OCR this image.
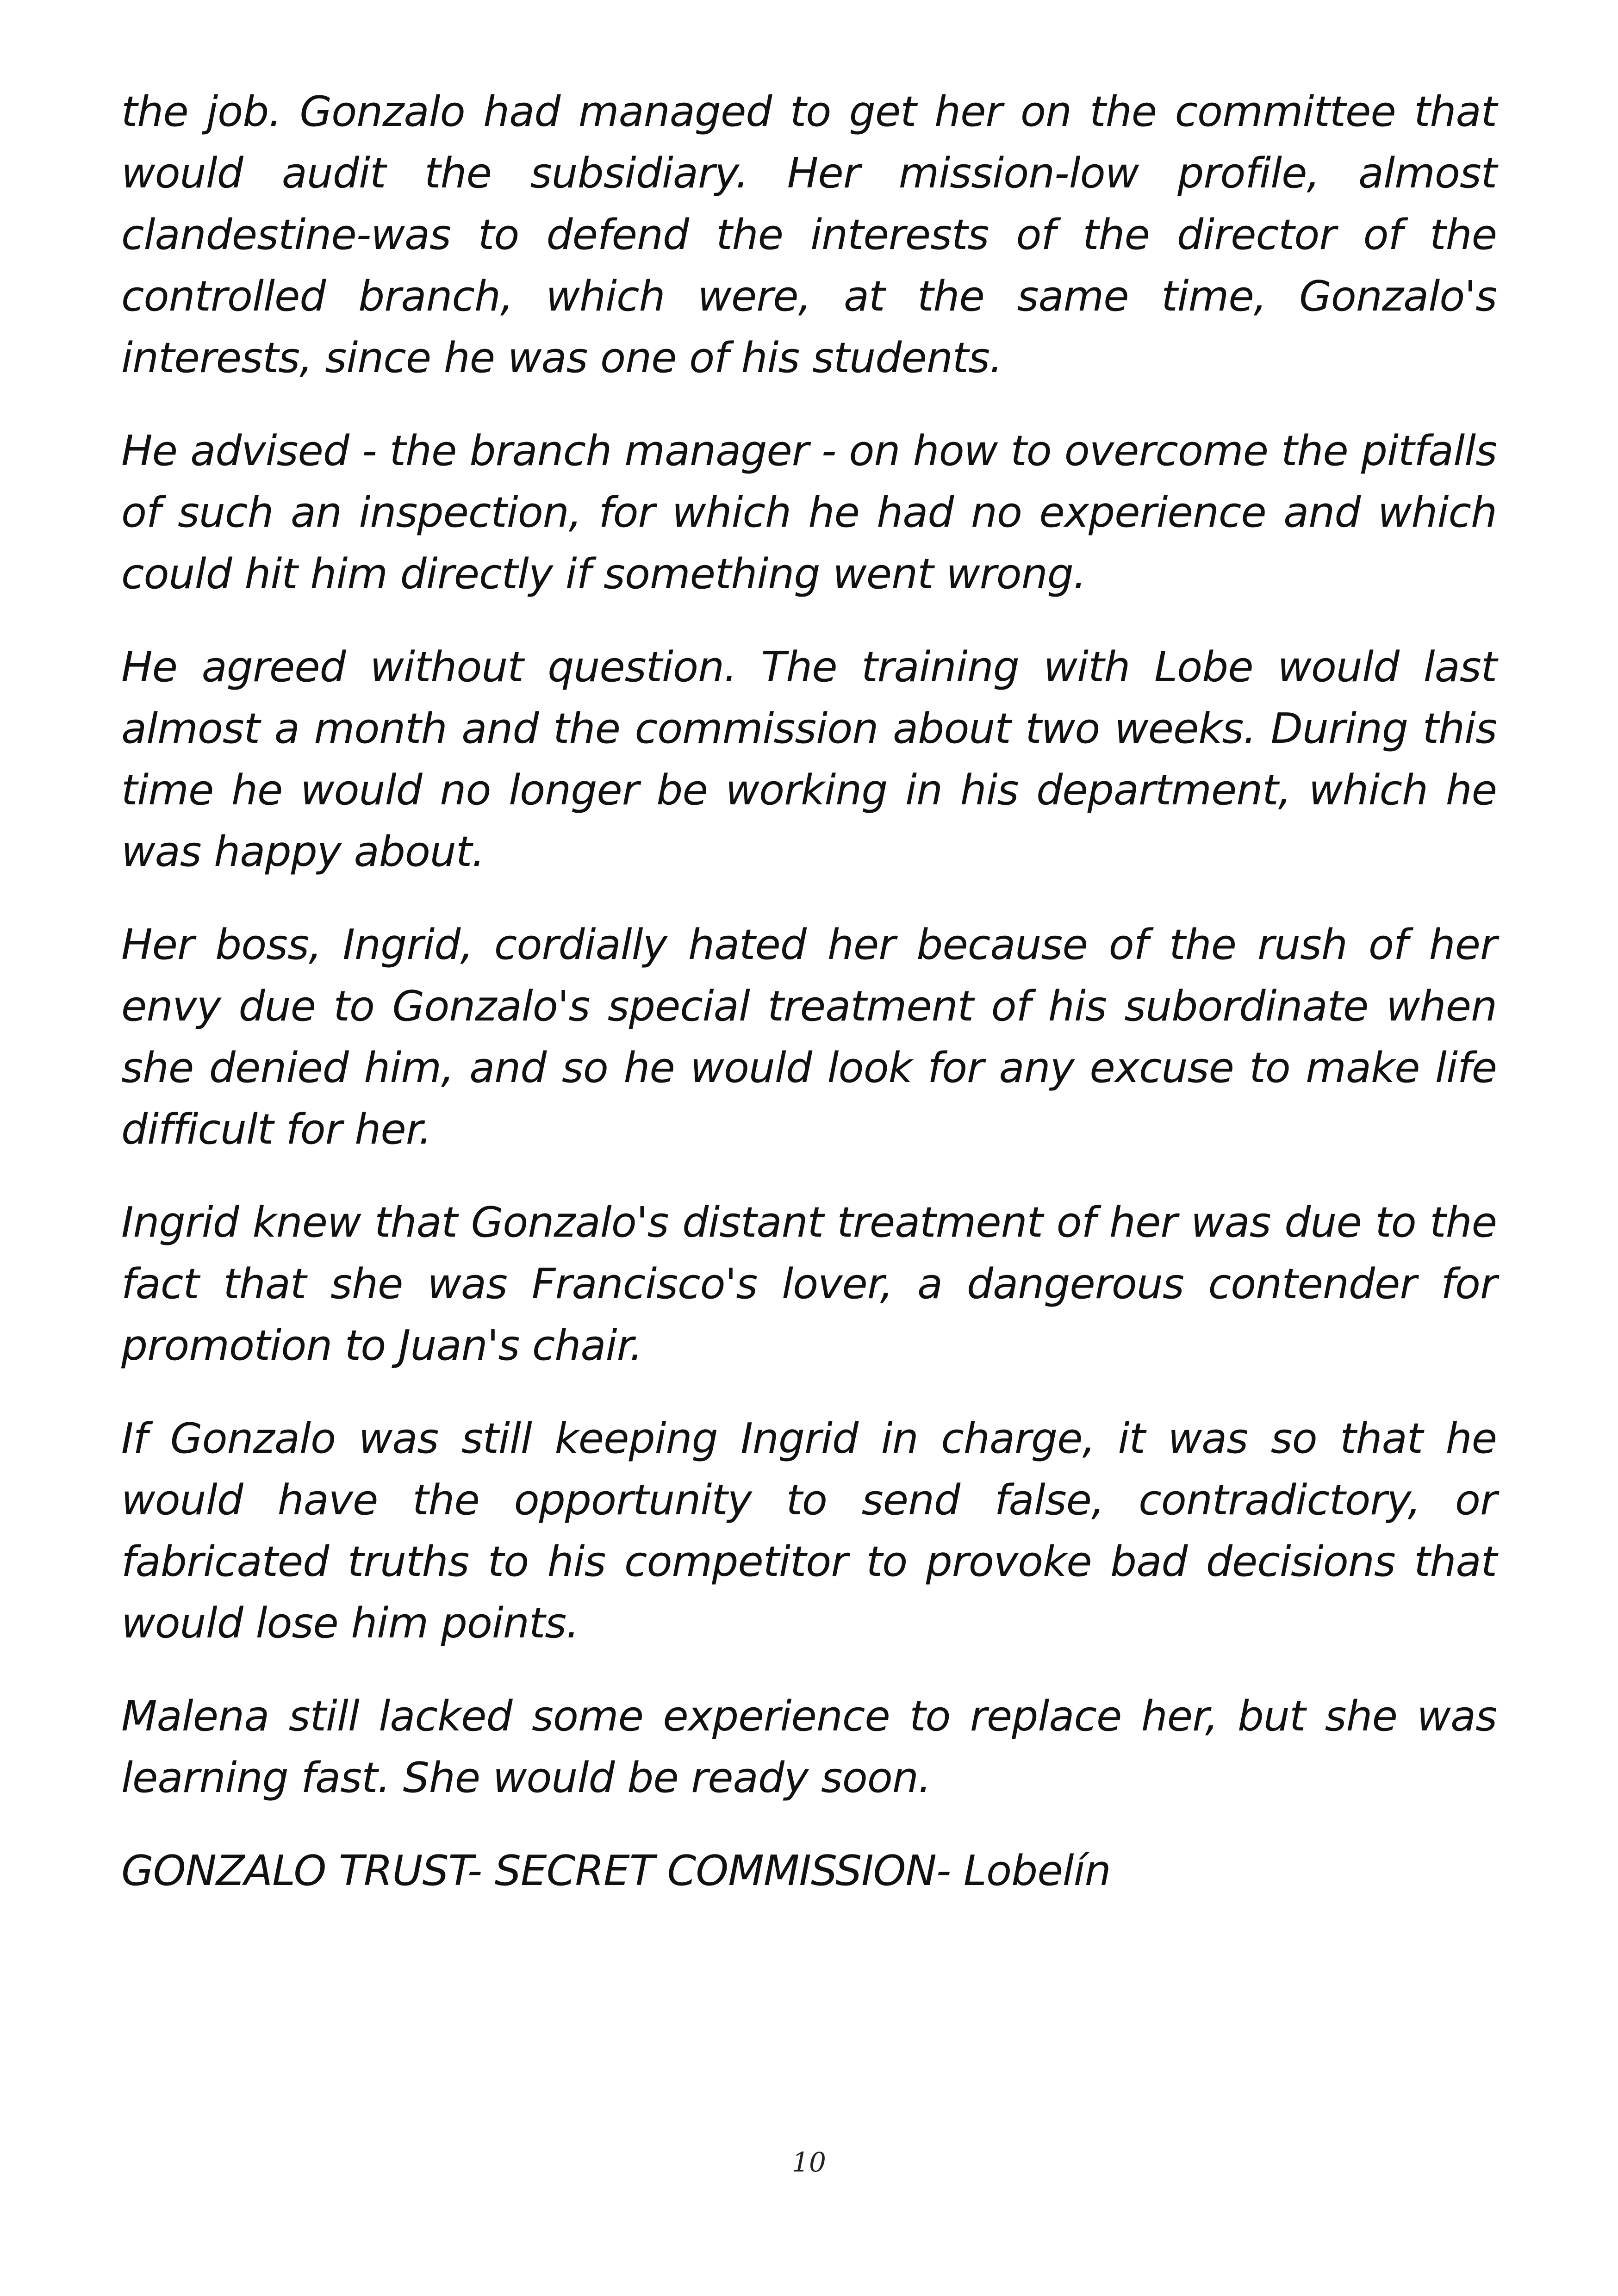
the job. Gonzalo had managed to get her on the committee that would audit the subsidiary. Her mission-low profile, almost clandestine-was to defend the interests of the director of the controlled branch, which were, at the same time, Gonzalo's interests, since he was one of his students.

He advised - the branch manager - on how to overcome the pitfalls of such an inspection, for which he had no experience and which could hit him directly if something went wrong.

He agreed without question. The training with Lobe would last almost a month and the commission about two weeks. During this time he would no longer be working in his department, which he was happy about.

Her boss, Ingrid, cordially hated her because of the rush of her envy due to Gonzalo's special treatment of his subordinate when she denied him, and so he would look for any excuse to make life difficult for her.

Ingrid knew that Gonzalo's distant treatment of her was due to the fact that she was Francisco's lover, a dangerous contender for promotion to Juan's chair.

If Gonzalo was still keeping Ingrid in charge, it was so that he would have the opportunity to send false, contradictory, or fabricated truths to his competitor to provoke bad decisions that would lose him points.

Malena still lacked some experience to replace her, but she was learning fast. She would be ready soon.

GONZALO TRUST- SECRET COMMISSION- Lobelín

10
